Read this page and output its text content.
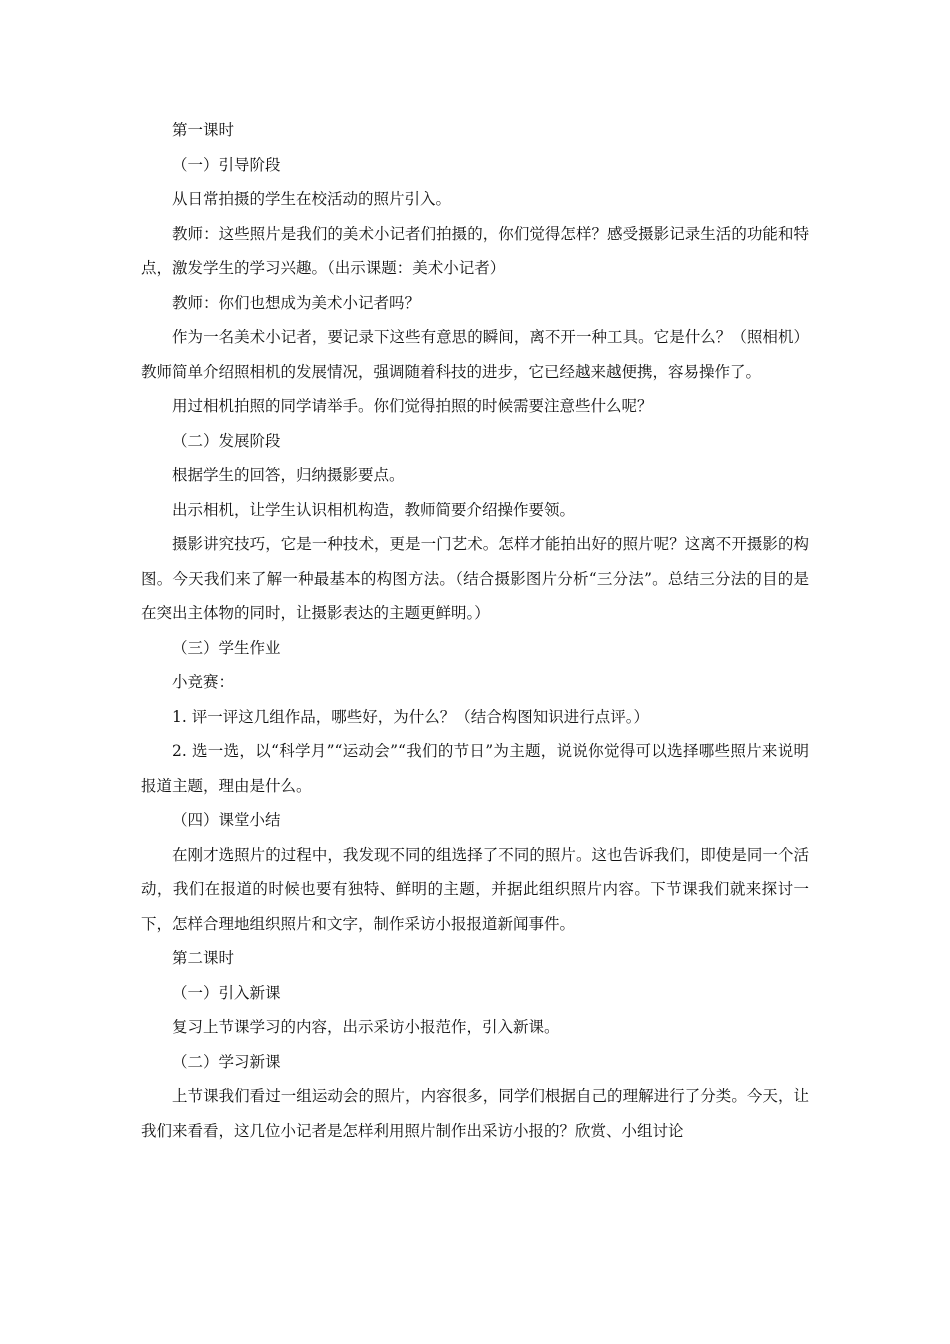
第一课时

（一）引导阶段

从日常拍摄的学生在校活动的照片引入。

教师：这些照片是我们的美术小记者们拍摄的，你们觉得怎样？感受摄影记录生活的功能和特点，激发学生的学习兴趣。（出示课题：美术小记者）

教师：你们也想成为美术小记者吗？

作为一名美术小记者，要记录下这些有意思的瞬间，离不开一种工具。它是什么？（照相机）教师简单介绍照相机的发展情况，强调随着科技的进步，它已经越来越便携，容易操作了。

用过相机拍照的同学请举手。你们觉得拍照的时候需要注意些什么呢？

（二）发展阶段

根据学生的回答，归纳摄影要点。

出示相机，让学生认识相机构造，教师简要介绍操作要领。

摄影讲究技巧，它是一种技术，更是一门艺术。怎样才能拍出好的照片呢？这离不开摄影的构图。今天我们来了解一种最基本的构图方法。（结合摄影图片分析“三分法”。总结三分法的目的是在突出主体物的同时，让摄影表达的主题更鲜明。）

（三）学生作业

小竞赛：

1. 评一评这几组作品，哪些好，为什么？（结合构图知识进行点评。）

2. 选一选，以“科学月”“运动会”“我们的节日”为主题，说说你觉得可以选择哪些照片来说明报道主题，理由是什么。

（四）课堂小结

在刚才选照片的过程中，我发现不同的组选择了不同的照片。这也告诉我们，即使是同一个活动，我们在报道的时候也要有独特、鲜明的主题，并据此组织照片内容。下节课我们就来探讨一下，怎样合理地组织照片和文字，制作采访小报报道新闻事件。

第二课时

（一）引入新课

复习上节课学习的内容，出示采访小报范作，引入新课。

（二）学习新课

上节课我们看过一组运动会的照片，内容很多，同学们根据自己的理解进行了分类。今天，让我们来看看，这几位小记者是怎样利用照片制作出采访小报的？欣赏、小组讨论
